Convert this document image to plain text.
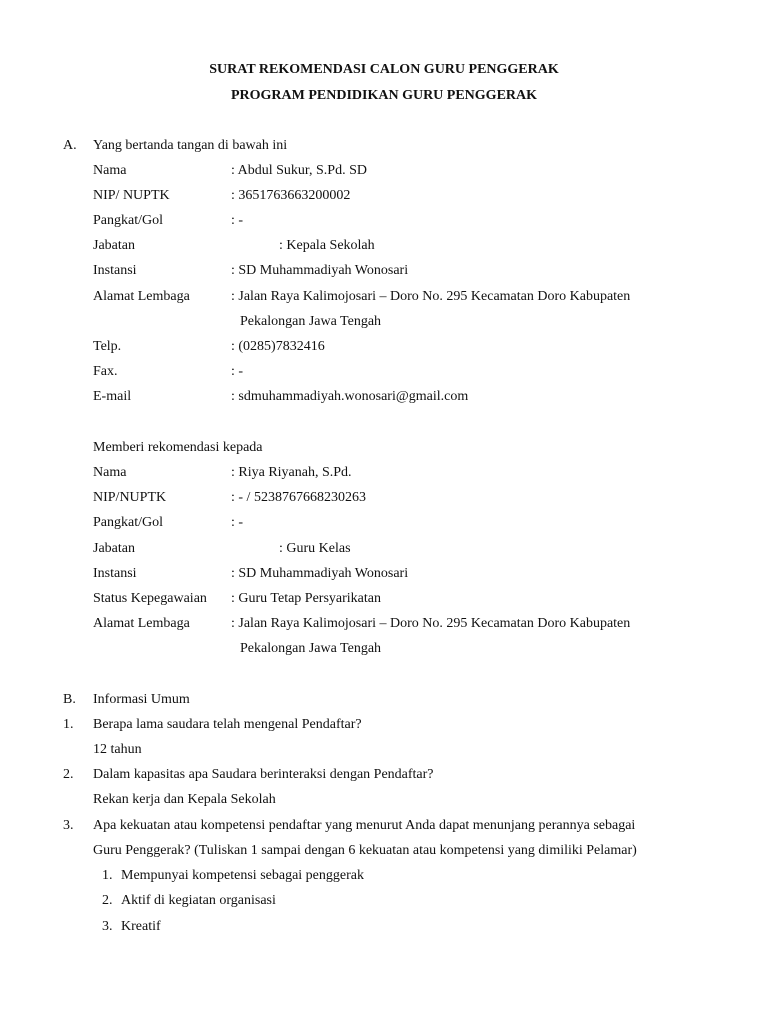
SURAT REKOMENDASI CALON GURU PENGGERAK
PROGRAM PENDIDIKAN GURU PENGGERAK
A. Yang bertanda tangan di bawah ini
Nama	: Abdul Sukur, S.Pd. SD
NIP/ NUPTK	: 3651763663200002
Pangkat/Gol	: -
Jabatan	: Kepala Sekolah
Instansi	: SD Muhammadiyah Wonosari
Alamat Lembaga	: Jalan Raya Kalimojosari – Doro No. 295 Kecamatan Doro Kabupaten
Pekalongan Jawa Tengah
Telp.	: (0285)7832416
Fax.	: -
E-mail	: sdmuhammadiyah.wonosari@gmail.com
Memberi rekomendasi kepada
Nama	: Riya Riyanah, S.Pd.
NIP/NUPTK	: - / 5238767668230263
Pangkat/Gol	: -
Jabatan	: Guru Kelas
Instansi	: SD Muhammadiyah Wonosari
Status Kepegawaian : Guru Tetap Persyarikatan
Alamat Lembaga	: Jalan Raya Kalimojosari – Doro No. 295 Kecamatan Doro Kabupaten
Pekalongan Jawa Tengah
B. Informasi Umum
1. Berapa lama saudara telah mengenal Pendaftar?
12 tahun
2. Dalam kapasitas apa Saudara berinteraksi dengan Pendaftar?
Rekan kerja dan Kepala Sekolah
3. Apa kekuatan atau kompetensi pendaftar yang menurut Anda dapat menunjang perannya sebagai
Guru Penggerak? (Tuliskan 1 sampai dengan 6 kekuatan atau kompetensi yang dimiliki Pelamar)
1. Mempunyai kompetensi sebagai penggerak
2. Aktif di kegiatan organisasi
3. Kreatif
